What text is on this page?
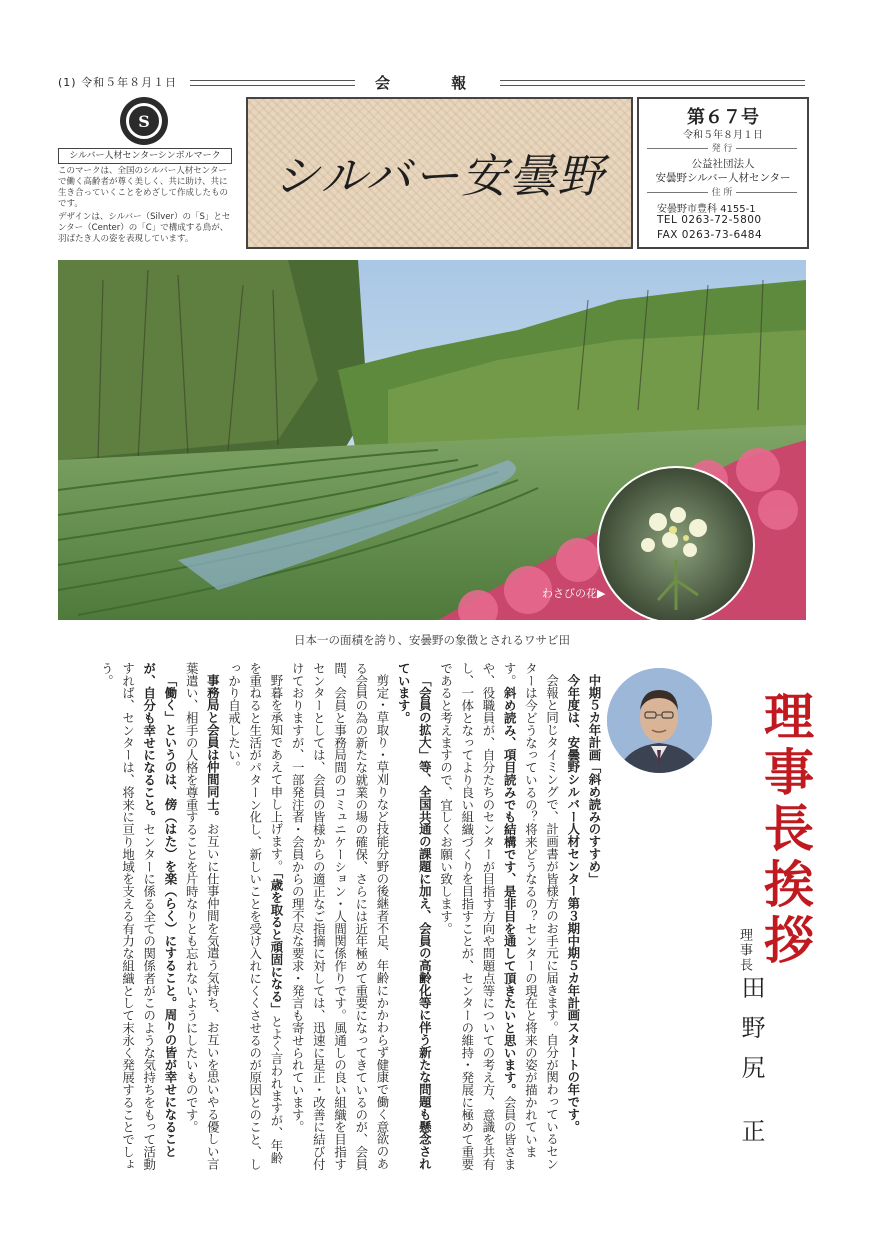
(1) 令和５年８月１日	会 報
S
シルバー人材センターシンボルマーク

このマークは、全国のシルバー人材センターで働く高齢者が尊く美しく、共に助け、共に生き合っていくことをめざして作成したものです。

デザインは、シルバー（Silver）の「S」とセンター（Center）の「C」で構成する鳥が、羽ばたき人の姿を表現しています。

シルバー安曇野
第６７号
令和５年８月１日
発 行
公益社団法人
安曇野シルバー人材センター
住 所
安曇野市豊科 4155-1
TEL 0263-72-5800
FAX 0263-73-6484
わさびの花▶
日本一の面積を誇り、安曇野の象徴とされるワサビ田
理事長挨拶
理事長
田野尻 正

中期５カ年計画「斜め読みのすすめ」

今年度は、安曇野シルバー人材センター第３期中期５カ年計画スタートの年です。

会報と同じタイミングで、計画書が皆様方のお手元に届きます。自分が関わっているセンターは今どうなっているの？将来どうなるの？センターの現在と将来の姿が描かれています。斜め読み、項目読みでも結構です、是非目を通して頂きたいと思います。会員の皆さまや、役職員が、自分たちのセンターが目指す方向や問題点等についての考え方、意識を共有し、一体となってより良い組織づくりを目指すことが、センターの維持・発展に極めて重要であると考えますので、宜しくお願い致します。

「会員の拡大」等、全国共通の課題に加え、会員の高齢化等に伴う新たな問題も懸念されています。

剪定・草取り・草刈りなど技能分野の後継者不足、年齢にかかわらず健康で働く意欲のある会員の為の新たな就業の場の確保、さらには近年極めて重要になってきているのが、会員間、会員と事務局間のコミュニケーション・人間関係作りです。風通しの良い組織を目指すセンターとしては、会員の皆様からの適正なご指摘に対しては、迅速に是正・改善に結び付けておりますが、一部発注者・会員からの理不尽な要求・発言も寄せられています。

野暮を承知であえて申し上げます。「歳を取ると頑固になる」とよく言われますが、年齢を重ねると生活がパターン化し、新しいことを受け入れにくくさせるのが原因とのこと、しっかり自戒したい。

事務局と会員は仲間同士。お互いに仕事仲間を気遣う気持ち、お互いを思いやる優しい言葉遣い、相手の人格を尊重することを片時なりとも忘れないようにしたいものです。

「働く」というのは、傍（はた）を楽（らく）にすること。周りの皆が幸せになることが、自分も幸せになること。センターに係る全ての関係者がこのような気持ちをもって活動すれば、センターは、将来に亘り地域を支える有力な組織として末永く発展することでしょう。
